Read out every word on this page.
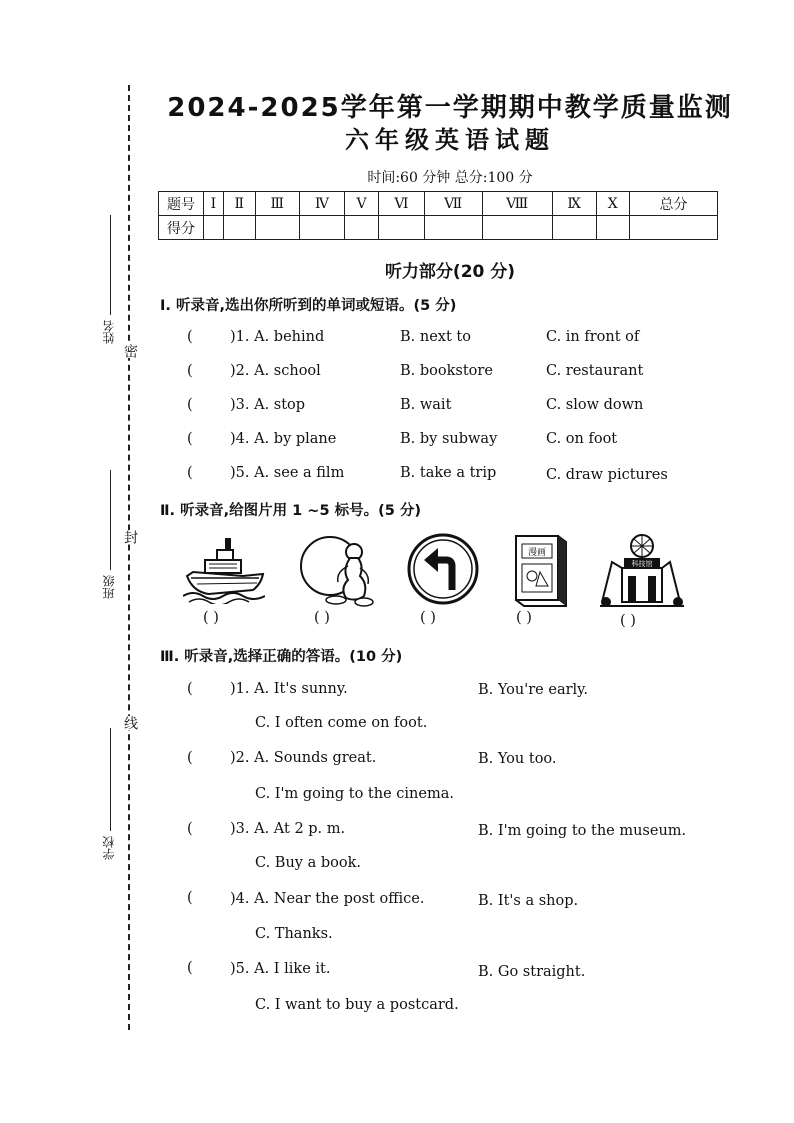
密
封
线
姓名
班级
学校
2024-2025学年第一学期期中教学质量监测
六年级英语试题
时间:60 分钟 总分:100 分
题号	Ⅰ	Ⅱ	Ⅲ	Ⅳ	Ⅴ	Ⅵ	Ⅶ	Ⅷ	Ⅸ	Ⅹ	总分
得分											
听力部分(20 分)
Ⅰ. 听录音,选出你所听到的单词或短语。(5 分)
(	)1. A. behind	B. next to	C. in front of
(	)2. A. school	B. bookstore	C. restaurant
(	)3. A. stop	B. wait	C. slow down
(	)4. A. by plane	B. by subway	C. on foot
(	)5. A. see a film	B. take a trip	C. draw pictures
Ⅱ. 听录音,给图片用 1 ~5 标号。(5 分)
( )	( )	( )
漫画
( )
科技馆
( )
Ⅲ. 听录音,选择正确的答语。(10 分)
(	)1. A. It's sunny.	B. You're early.
C. I often come on foot.
(	)2. A. Sounds great.	B. You too.
C. I'm going to the cinema.
(	)3. A. At 2 p. m.	B. I'm going to the museum.
C. Buy a book.
(	)4. A. Near the post office.	B. It's a shop.
C. Thanks.
(	)5. A. I like it.	B. Go straight.
C. I want to buy a postcard.
